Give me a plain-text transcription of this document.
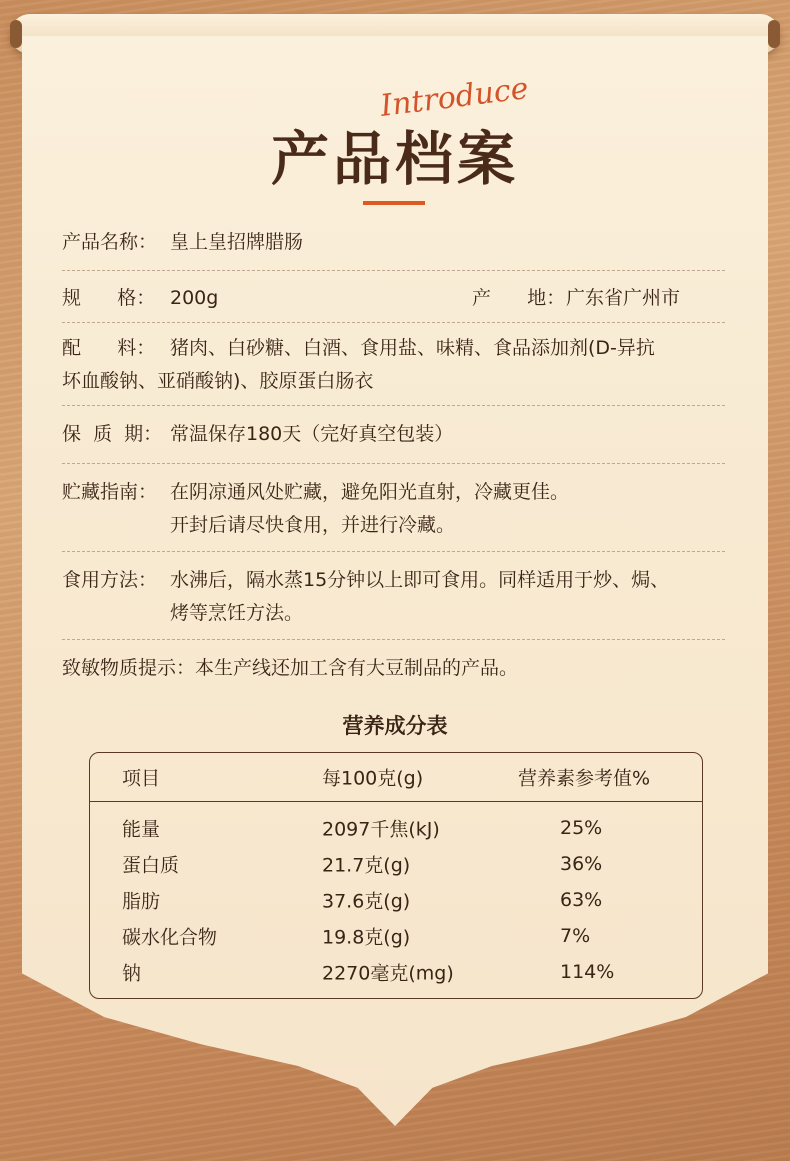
Introduce

产品档案
产品名称： 皇上皇招牌腊肠
规      格： 200g	产      地：广东省广州市
配      料： 猪肉、白砂糖、白酒、食用盐、味精、食品添加剂(D-异抗
坏血酸钠、亚硝酸钠)、胶原蛋白肠衣
保  质  期： 常温保存180天（完好真空包装）
贮藏指南： 在阴凉通风处贮藏，避免阳光直射，冷藏更佳。
开封后请尽快食用，并进行冷藏。
食用方法： 水沸后，隔水蒸15分钟以上即可食用。同样适用于炒、焗、
烤等烹饪方法。
致敏物质提示：本生产线还加工含有大豆制品的产品。
营养成分表
项目	每100克(g)	营养素参考值%
能量	2097千焦(kJ)	25%
蛋白质	21.7克(g)	36%
脂肪	37.6克(g)	63%
碳水化合物	19.8克(g)	7%
钠	2270毫克(mg)	114%
